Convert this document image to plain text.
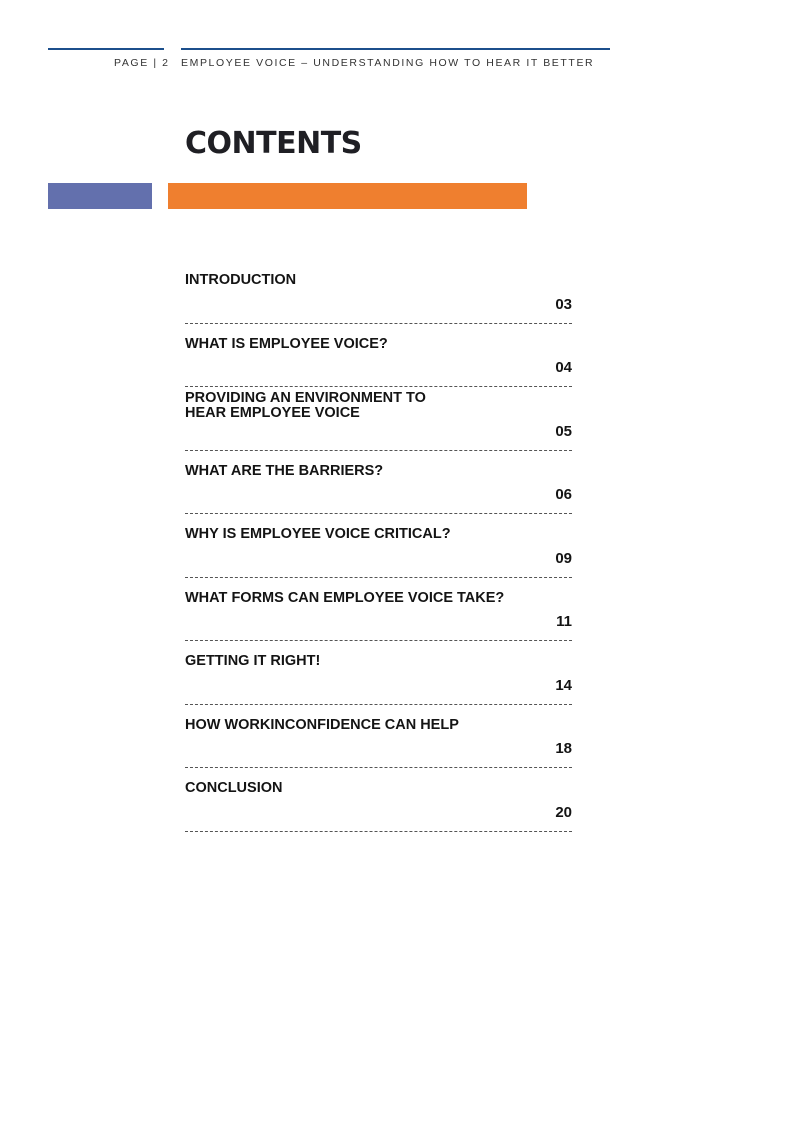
PAGE | 2 EMPLOYEE VOICE – UNDERSTANDING HOW TO HEAR IT BETTER
CONTENTS
INTRODUCTION
03
WHAT IS EMPLOYEE VOICE?
04
PROVIDING AN ENVIRONMENT TO HEAR EMPLOYEE VOICE
05
WHAT ARE THE BARRIERS?
06
WHY IS EMPLOYEE VOICE CRITICAL?
09
WHAT FORMS CAN EMPLOYEE VOICE TAKE?
11
GETTING IT RIGHT!
14
HOW WORKINCONFIDENCE CAN HELP
18
CONCLUSION
20
